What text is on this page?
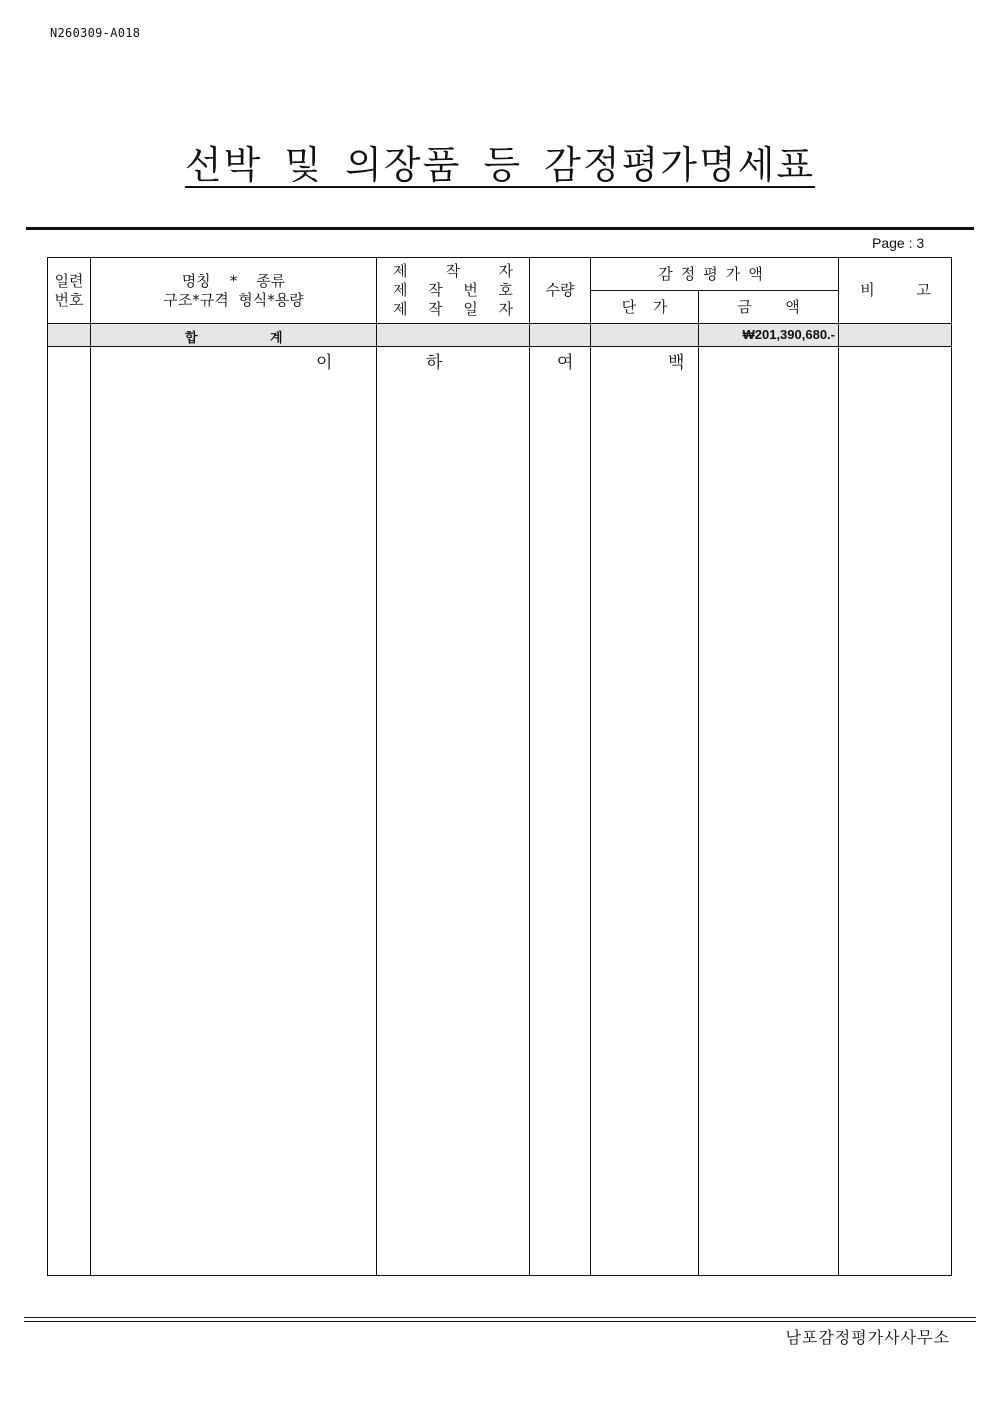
N260309-A018
선박 및 의장품 등 감정평가명세표
Page : 3
일련
번호
명칭    *    종류
구조*규격  형식*용량
제	작	자
제 작 번 호
제 작 일 자
수량
감정평가액
단 가	금  액
비  고
합	계	₩201,390,680.-
이	하	여	백
남포감정평가사사무소
